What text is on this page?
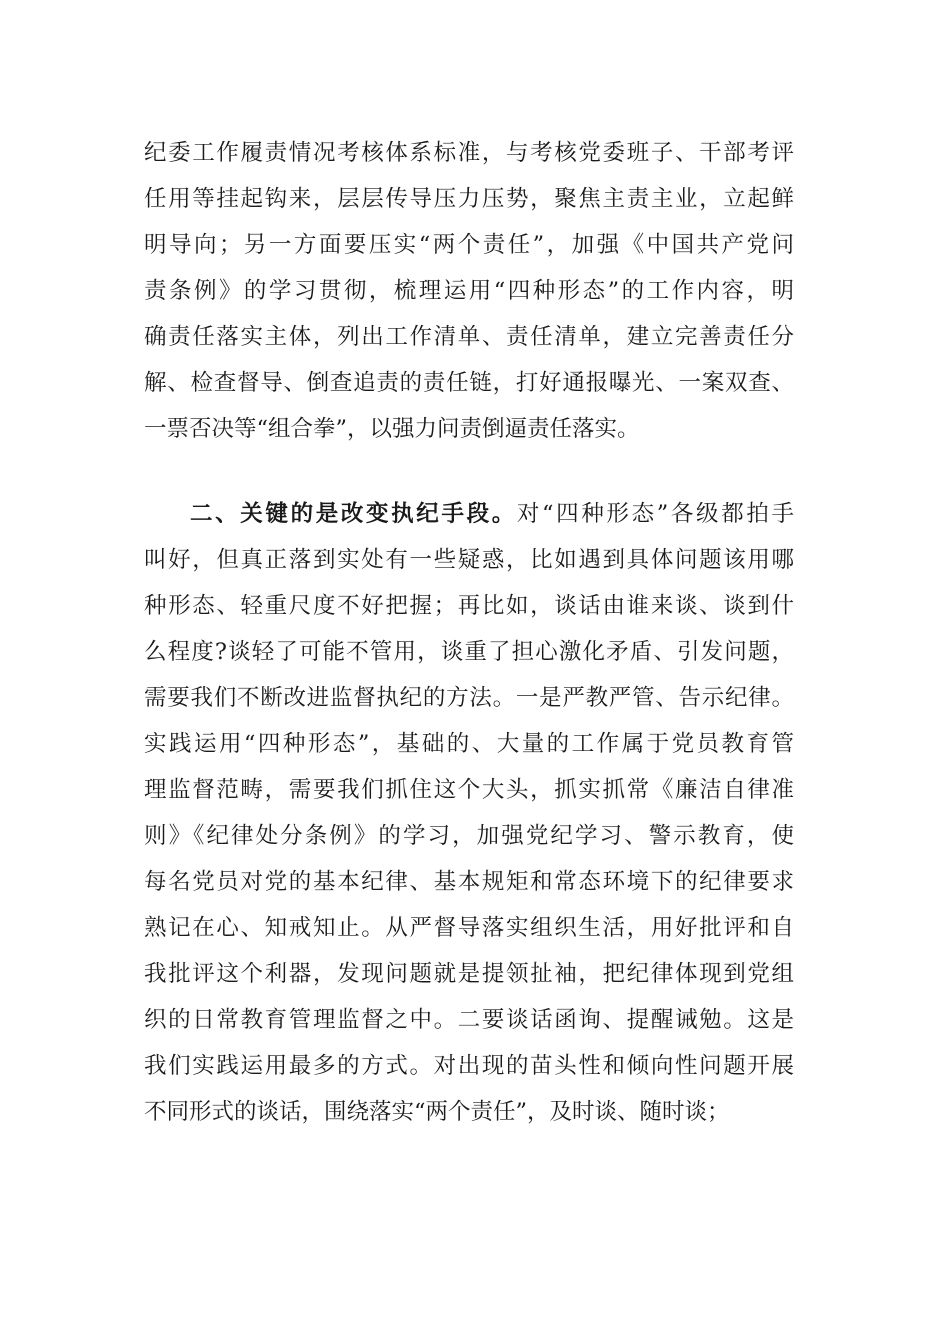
纪委工作履责情况考核体系标准，与考核党委班子、干部考评
任用等挂起钩来，层层传导压力压势，聚焦主责主业，立起鲜
明导向；另一方面要压实“两个责任”，加强《中国共产党问
责条例》的学习贯彻，梳理运用“四种形态”的工作内容，明
确责任落实主体，列出工作清单、责任清单，建立完善责任分
解、检查督导、倒查追责的责任链，打好通报曝光、一案双查、
一票否决等“组合拳”，以强力问责倒逼责任落实。
二、关键的是改变执纪手段。对“四种形态”各级都拍手
叫好，但真正落到实处有一些疑惑，比如遇到具体问题该用哪
种形态、轻重尺度不好把握；再比如，谈话由谁来谈、谈到什
么程度?谈轻了可能不管用，谈重了担心激化矛盾、引发问题，
需要我们不断改进监督执纪的方法。一是严教严管、告示纪律。
实践运用“四种形态”，基础的、大量的工作属于党员教育管
理监督范畴，需要我们抓住这个大头，抓实抓常《廉洁自律准
则》《纪律处分条例》的学习，加强党纪学习、警示教育，使
每名党员对党的基本纪律、基本规矩和常态环境下的纪律要求
熟记在心、知戒知止。从严督导落实组织生活，用好批评和自
我批评这个利器，发现问题就是提领扯袖，把纪律体现到党组
织的日常教育管理监督之中。二要谈话函询、提醒诫勉。这是
我们实践运用最多的方式。对出现的苗头性和倾向性问题开展
不同形式的谈话，围绕落实“两个责任”，及时谈、随时谈；
